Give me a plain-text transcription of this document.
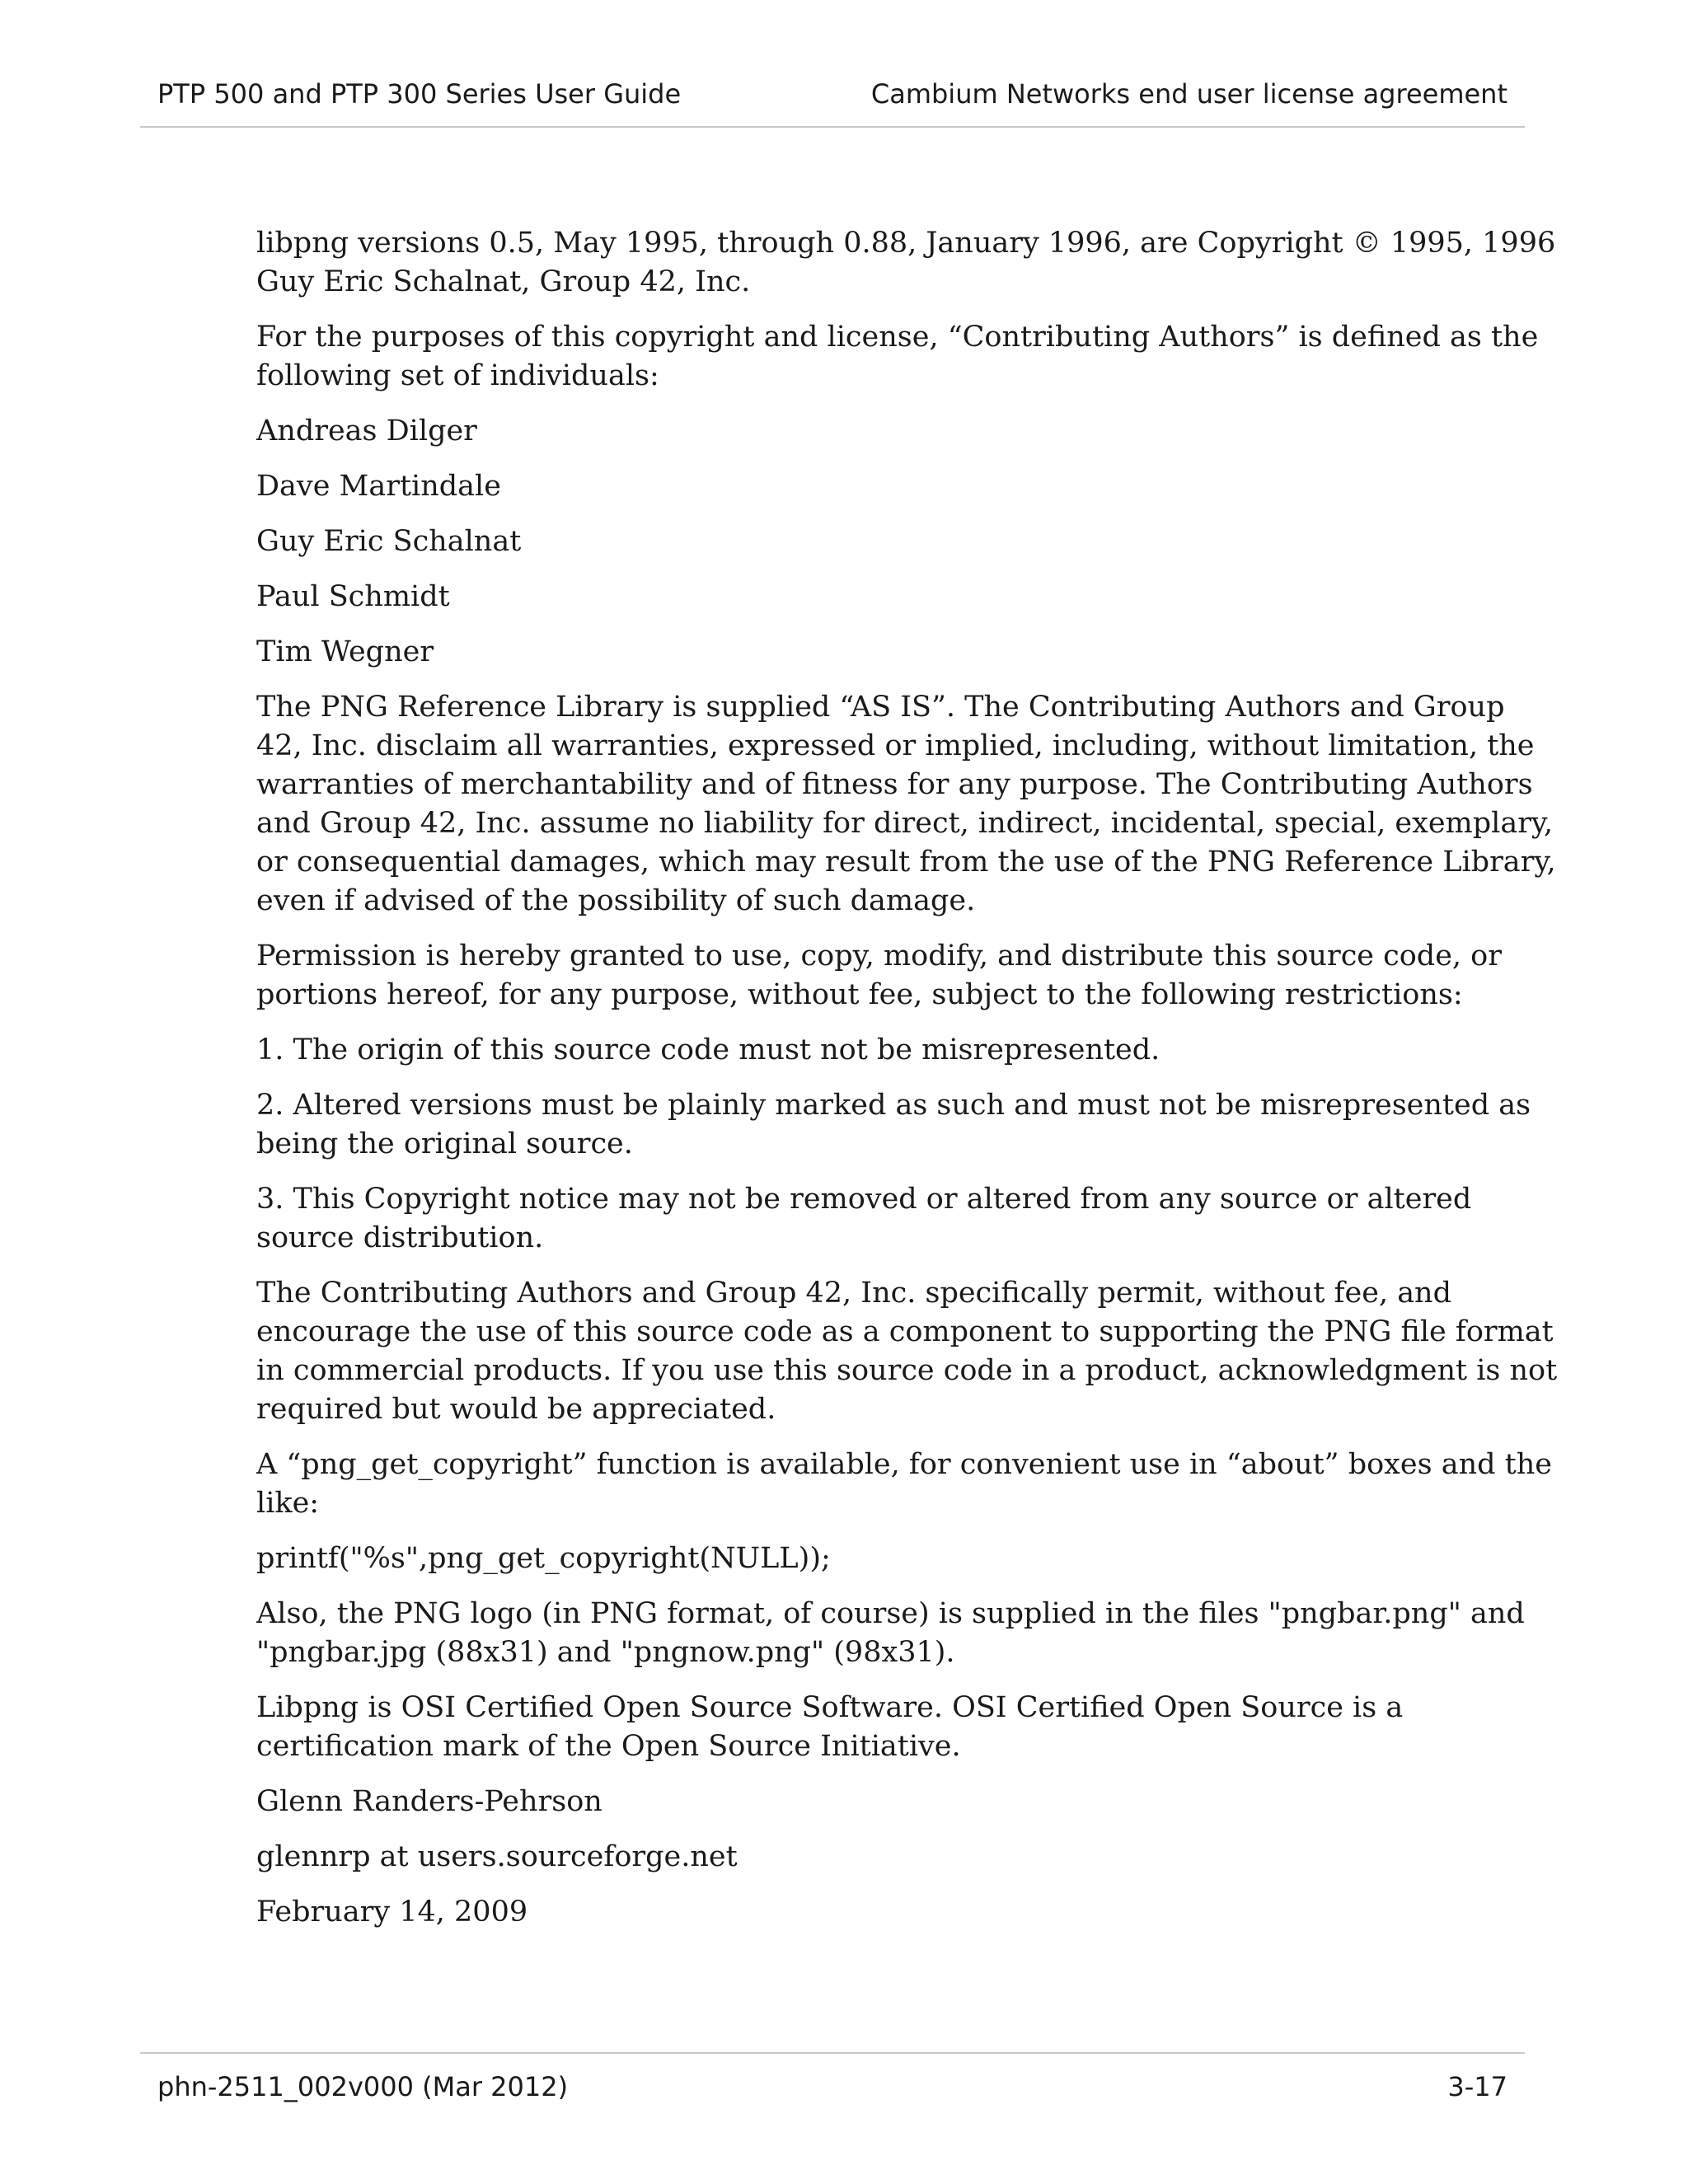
PTP 500 and PTP 300 Series User Guide	Cambium Networks end user license agreement

libpng versions 0.5, May 1995, through 0.88, January 1996, are Copyright © 1995, 1996 Guy Eric Schalnat, Group 42, Inc.

For the purposes of this copyright and license, “Contributing Authors” is defined as the following set of individuals:

Andreas Dilger

Dave Martindale

Guy Eric Schalnat

Paul Schmidt

Tim Wegner

The PNG Reference Library is supplied “AS IS”. The Contributing Authors and Group 42, Inc. disclaim all warranties, expressed or implied, including, without limitation, the warranties of merchantability and of fitness for any purpose. The Contributing Authors and Group 42, Inc. assume no liability for direct, indirect, incidental, special, exemplary, or consequential damages, which may result from the use of the PNG Reference Library, even if advised of the possibility of such damage.

Permission is hereby granted to use, copy, modify, and distribute this source code, or portions hereof, for any purpose, without fee, subject to the following restrictions:

1. The origin of this source code must not be misrepresented.

2. Altered versions must be plainly marked as such and must not be misrepresented as being the original source.

3. This Copyright notice may not be removed or altered from any source or altered source distribution.

The Contributing Authors and Group 42, Inc. specifically permit, without fee, and encourage the use of this source code as a component to supporting the PNG file format in commercial products. If you use this source code in a product, acknowledgment is not required but would be appreciated.

A “png_get_copyright” function is available, for convenient use in “about” boxes and the like:

printf("%s",png_get_copyright(NULL));

Also, the PNG logo (in PNG format, of course) is supplied in the files "pngbar.png" and "pngbar.jpg (88x31) and "pngnow.png" (98x31).

Libpng is OSI Certified Open Source Software. OSI Certified Open Source is a certification mark of the Open Source Initiative.

Glenn Randers-Pehrson

glennrp at users.sourceforge.net

February 14, 2009

phn-2511_002v000 (Mar 2012)	3-17
